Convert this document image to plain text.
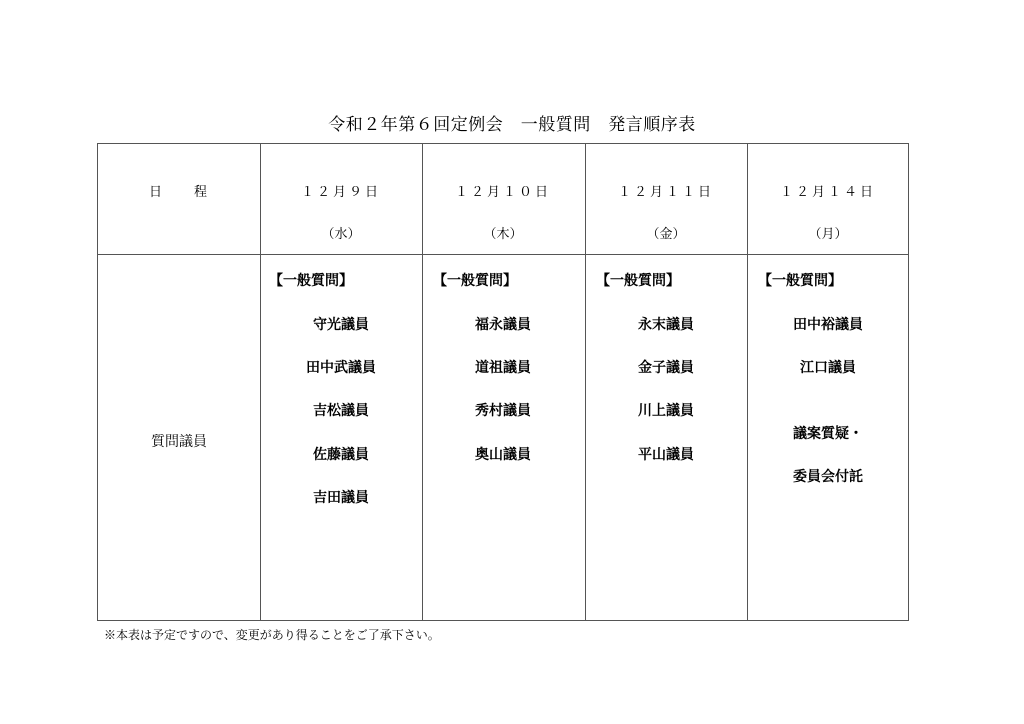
令和２年第６回定例会　一般質問　発言順序表
日　　程	１２月９日
（水）
１２月１０日
（木）
１２月１１日
（金）
１２月１４日
（月）
質問議員
【一般質問】
守光議員
田中武議員
吉松議員
佐藤議員
吉田議員
【一般質問】
福永議員
道祖議員
秀村議員
奥山議員
【一般質問】
永末議員
金子議員
川上議員
平山議員
【一般質問】
田中裕議員
江口議員
議案質疑・
委員会付託
※本表は予定ですので、変更があり得ることをご了承下さい。
